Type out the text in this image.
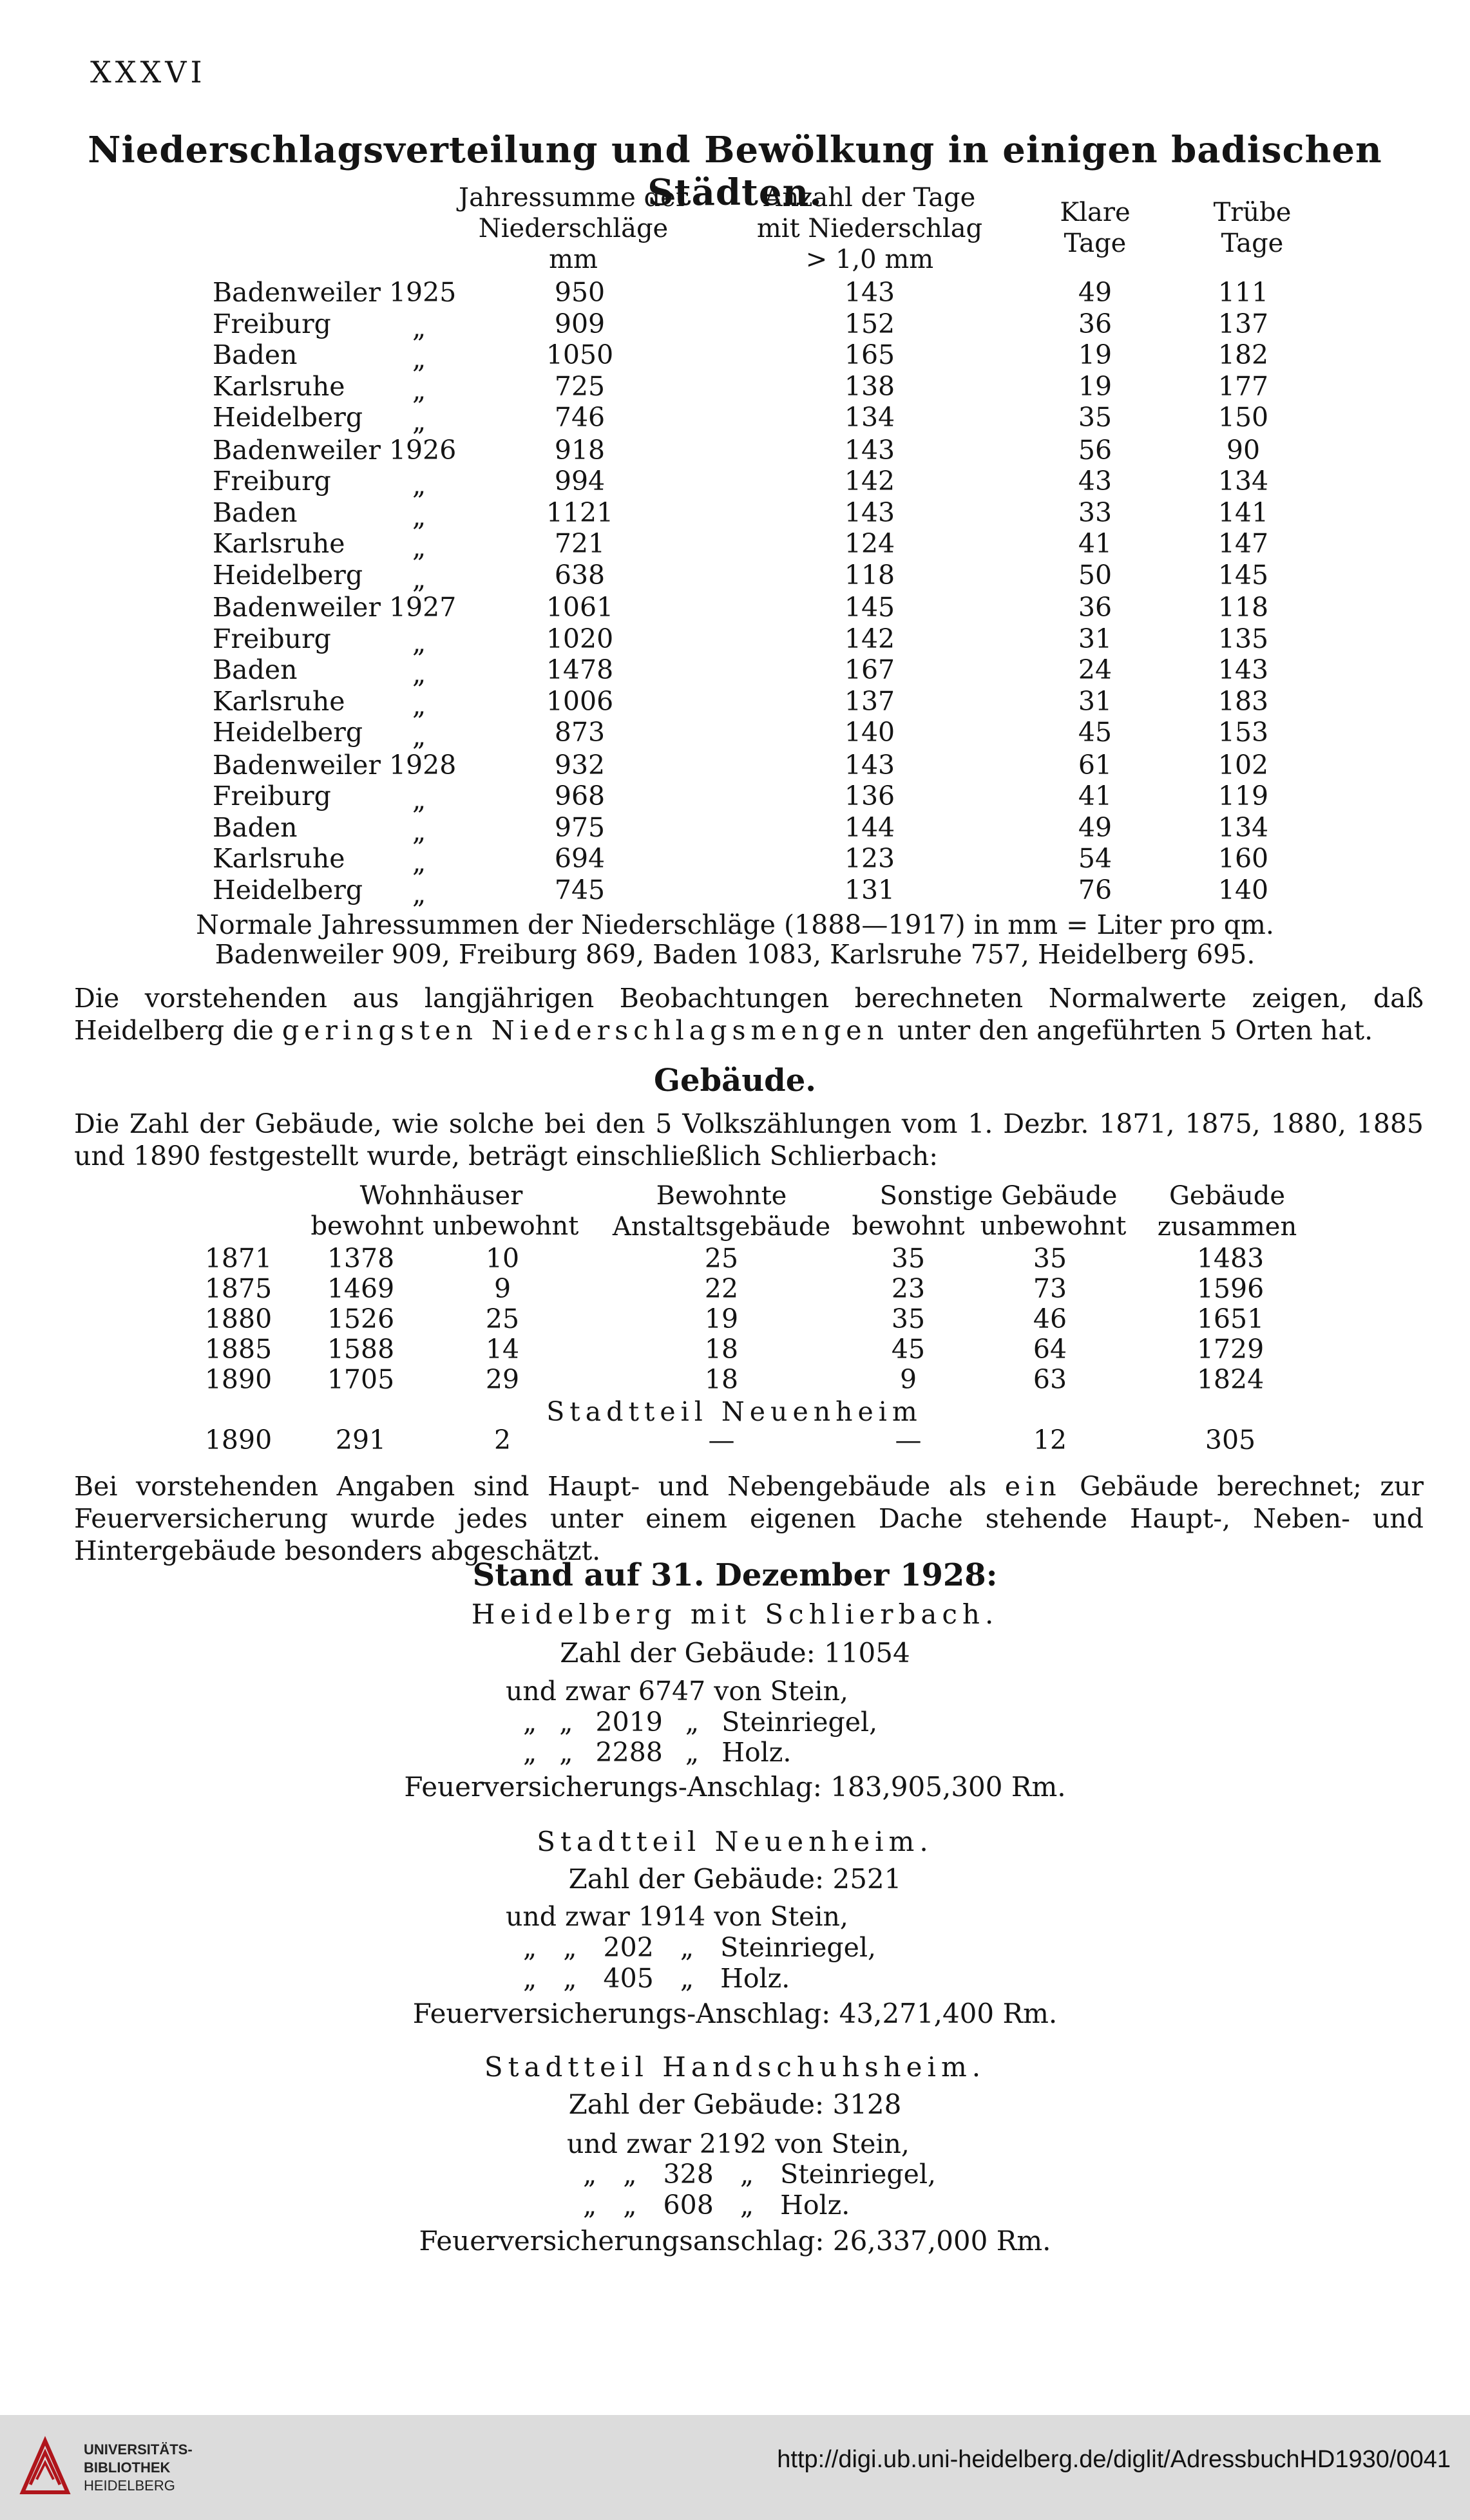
XXXVI
Niederschlagsverteilung und Bewölkung in einigen badischen Städten.
Jahressumme der
Niederschläge
mm
Anzahl der Tage
mit Niederschlag
> 1,0 mm
Klare
Tage
Trübe
Tage
Badenweiler 1925	950	143	49	111
Freiburg	„	909	152	36	137
Baden	„	1050	165	19	182
Karlsruhe	„	725	138	19	177
Heidelberg „	746	134	35	150
Badenweiler 1926	918	143	56	90
Freiburg	„	994	142	43	134
Baden	„	1121	143	33	141
Karlsruhe	„	721	124	41	147
Heidelberg „	638	118	50	145
Badenweiler 1927	1061	145	36	118
Freiburg	„	1020	142	31	135
Baden	„	1478	167	24	143
Karlsruhe	„	1006	137	31	183
Heidelberg „	873	140	45	153
Badenweiler 1928	932	143	61	102
Freiburg	„	968	136	41	119
Baden	„	975	144	49	134
Karlsruhe	„	694	123	54	160
Heidelberg „	745	131	76	140
Normale Jahressummen der Niederschläge (1888—1917) in mm = Liter pro qm.
Badenweiler 909, Freiburg 869, Baden 1083, Karlsruhe 757, Heidelberg 695.
Die vorstehenden aus langjährigen Beobachtungen berechneten Normalwerte zeigen, daß Heidelberg die geringsten Niederschlagsmengen unter den angeführten 5 Orten hat.
Gebäude.
Die Zahl der Gebäude, wie solche bei den 5 Volkszählungen vom 1. Dezbr. 1871, 1875, 1880, 1885 und 1890 festgestellt wurde, beträgt einschließlich Schlierbach:
Wohnhäuser
bewohnt unbewohnt
Bewohnte
Anstaltsgebäude
Sonstige Gebäude
bewohnt unbewohnt
Gebäude
zusammen
1871	1378	10	25	35	35	1483
1875	1469	9	22	23	73	1596
1880	1526	25	19	35	46	1651
1885	1588	14	18	45	64	1729
1890	1705	29	18	9	63	1824
Stadtteil Neuenheim
1890	291	2	—	—	12	305
Bei vorstehenden Angaben sind Haupt- und Nebengebäude als ein Gebäude berechnet; zur Feuerversicherung wurde jedes unter einem eigenen Dache stehende Haupt-, Neben- und Hintergebäude besonders abgeschätzt.
Stand auf 31. Dezember 1928:
Heidelberg mit Schlierbach.
Zahl der Gebäude: 11054
und zwar 6747 von Stein,
„ „ 2019 „ Steinriegel,
„ „ 2288 „ Holz.
Feuerversicherungs-Anschlag: 183,905,300 Rm.
Stadtteil Neuenheim.
Zahl der Gebäude: 2521
und zwar 1914 von Stein,
„ „ 202 „ Steinriegel,
„ „ 405 „ Holz.
Feuerversicherungs-Anschlag: 43,271,400 Rm.
Stadtteil Handschuhsheim.
Zahl der Gebäude: 3128
und zwar 2192 von Stein,
„ „ 328 „ Steinriegel,
„ „ 608 „ Holz.
Feuerversicherungsanschlag: 26,337,000 Rm.
UNIVERSITÄTS-
BIBLIOTHEK
HEIDELBERG
http://digi.ub.uni-heidelberg.de/diglit/AdressbuchHD1930/0041
